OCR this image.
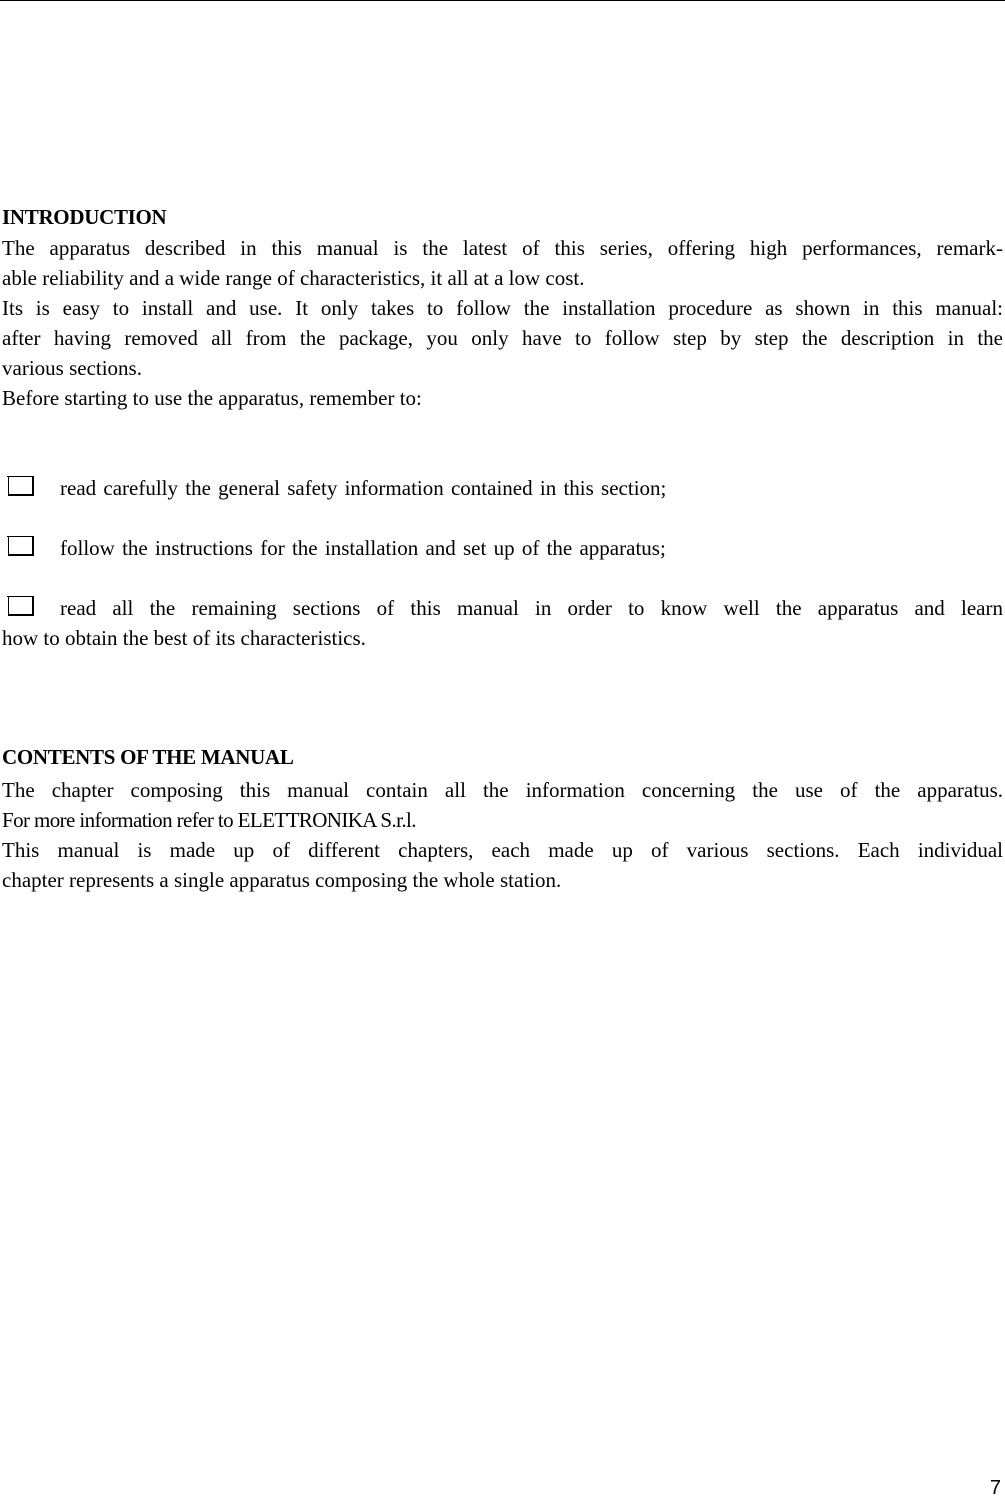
INTRODUCTION
The apparatus described in this manual is the latest of this series, offering high performances, remark-
able reliability and a wide range of characteristics, it all at a low cost.
Its is easy to install and use. It only takes to follow the installation procedure as shown in this manual:
after having removed all from the package, you only have to follow step by step the description in the
various sections.
Before starting to use the apparatus, remember to:
read carefully the general safety information contained in this section;
follow the instructions for the installation and set up of the apparatus;
read all the remaining sections of this manual in order to know well the apparatus and learn
how to obtain the best of its characteristics.
CONTENTS OF THE MANUAL
The chapter composing this manual contain all the information concerning the use of the apparatus.
For more information refer to ELETTRONIKA S.r.l.
This manual is made up of different chapters, each made up of various sections. Each individual
chapter represents a single apparatus composing the whole station.
7
